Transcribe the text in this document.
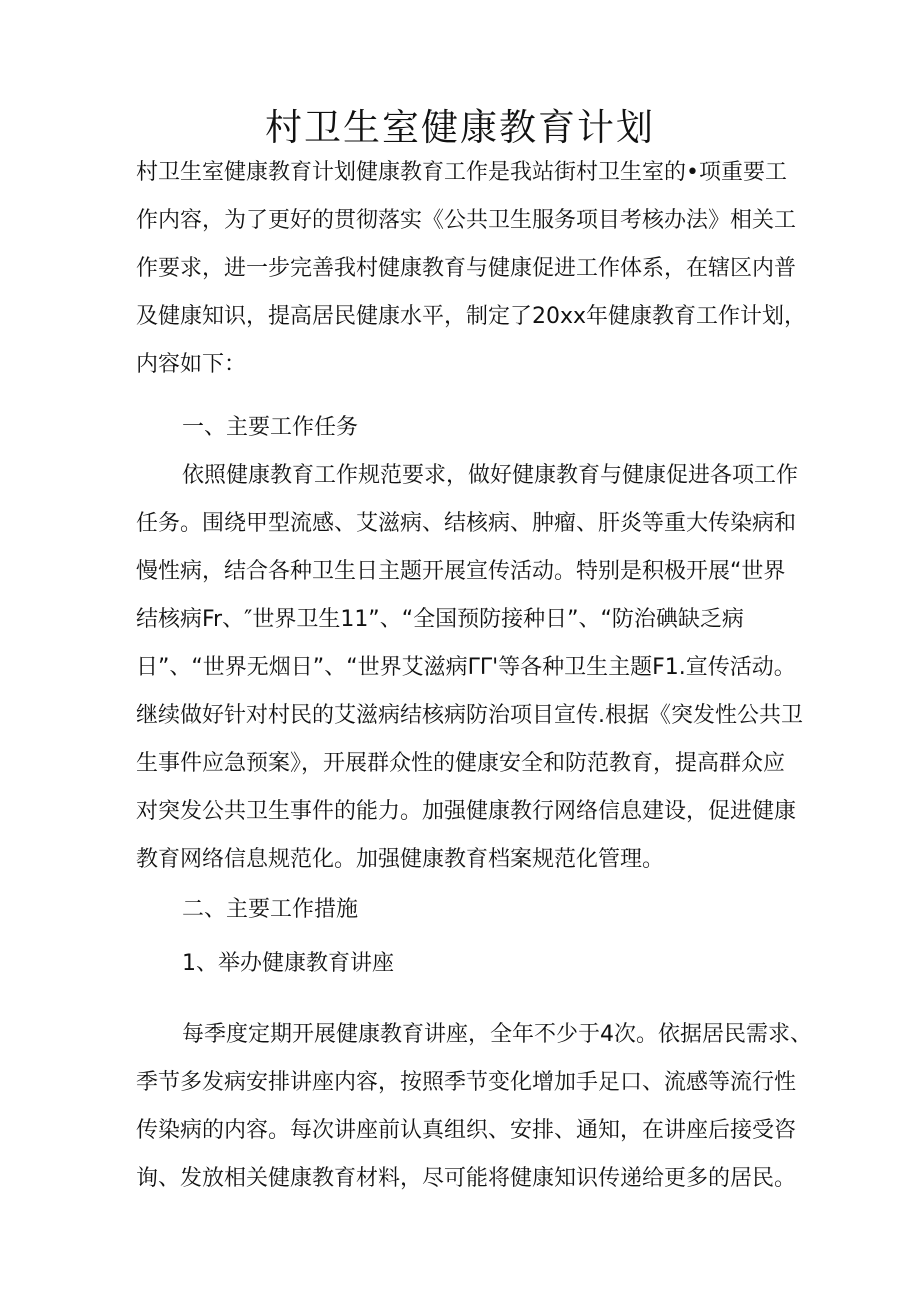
村卫生室健康教育计划
村卫生室健康教育计划健康教育工作是我站街村卫生室的•项重要工
作内容，为了更好的贯彻落实《公共卫生服务项目考核办法》相关工
作要求，进一步完善我村健康教育与健康促进工作体系，在辖区内普
及健康知识，提高居民健康水平，制定了20xx年健康教育工作计划，
内容如下：
一、主要工作任务
依照健康教育工作规范要求，做好健康教育与健康促进各项工作
任务。围绕甲型流感、艾滋病、结核病、肿瘤、肝炎等重大传染病和
慢性病，结合各种卫生日主题开展宣传活动。特别是积极开展“世界
结核病Fr、″世界卫生11”、“全国预防接种日”、“防治碘缺乏病
日”、“世界无烟日”、“世界艾滋病ΓΓ'等各种卫生主题F1.宣传活动。
继续做好针对村民的艾滋病结核病防治项目宣传.根据《突发性公共卫
生事件应急预案》，开展群众性的健康安全和防范教育，提高群众应
对突发公共卫生事件的能力。加强健康教行网络信息建设，促进健康
教育网络信息规范化。加强健康教育档案规范化管理。
二、主要工作措施
1、举办健康教育讲座
每季度定期开展健康教育讲座，全年不少于4次。依据居民需求、
季节多发病安排讲座内容，按照季节变化增加手足口、流感等流行性
传染病的内容。每次讲座前认真组织、安排、通知，在讲座后接受咨
询、发放相关健康教育材料，尽可能将健康知识传递给更多的居民。
